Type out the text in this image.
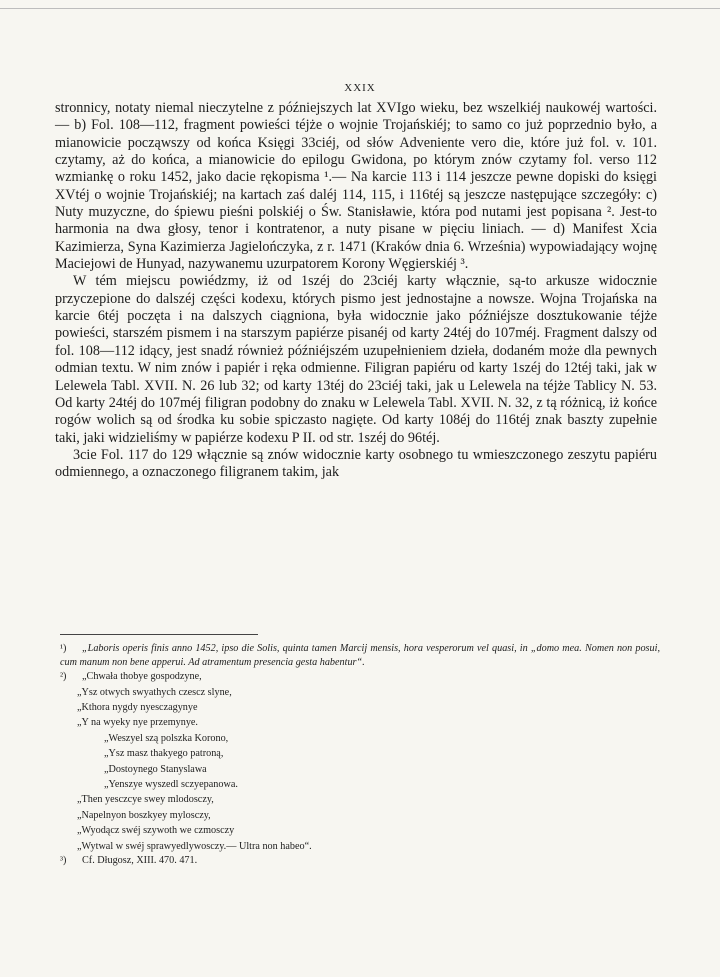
XXIX

stronnicy, notaty niemal nieczytelne z późniejszych lat XVIgo wieku, bez wszelkiéj naukowéj wartości.— b) Fol. 108—112, fragment powieści téjże o wojnie Trojańskiéj; to samo co już poprzednio było, a mianowicie począwszy od końca Księgi 33ciéj, od słów Adveniente vero die, które już fol. v. 101. czytamy, aż do końca, a mianowicie do epilogu Gwidona, po którym znów czytamy fol. verso 112 wzmiankę o roku 1452, jako dacie rękopisma ¹.— Na karcie 113 i 114 jeszcze pewne dopiski do księgi XVtéj o wojnie Trojańskiéj; na kartach zaś daléj 114, 115, i 116téj są jeszcze następujące szczegóły: c) Nuty muzyczne, do śpiewu pieśni polskiéj o Św. Stanisławie, która pod nutami jest popisana ². Jest-to harmonia na dwa głosy, tenor i kontratenor, a nuty pisane w pięciu liniach. — d) Manifest Xcia Kazimierza, Syna Kazimierza Jagielończyka, z r. 1471 (Kraków dnia 6. Września) wypowiadający wojnę Maciejowi de Hunyad, nazywanemu uzurpatorem Korony Węgierskiéj ³.

W tém miejscu powiédzmy, iż od 1széj do 23ciéj karty włącznie, są-to arkusze widocznie przyczepione do dalszéj części kodexu, których pismo jest jednostajne a nowsze. Wojna Trojańska na karcie 6téj poczęta i na dalszych ciągniona, była widocznie jako późniéjsze dosztukowanie téjże powieści, starszém pismem i na starszym papiérze pisanéj od karty 24téj do 107méj. Fragment dalszy od fol. 108—112 idący, jest snadź również późniéjszém uzupełnieniem dzieła, dodaném może dla pewnych odmian textu. W nim znów i papiér i ręka odmienne. Filigran papiéru od karty 1széj do 12téj taki, jak w Lelewela Tabl. XVII. N. 26 lub 32; od karty 13téj do 23ciéj taki, jak u Lelewela na téjże Tablicy N. 53. Od karty 24téj do 107méj filigran podobny do znaku w Lelewela Tabl. XVII. N. 32, z tą różnicą, iż końce rogów wolich są od środka ku sobie spiczasto nagięte. Od karty 108éj do 116téj znak baszty zupełnie taki, jaki widzieliśmy w papiérze kodexu P II. od str. 1széj do 96téj.

3cie Fol. 117 do 129 włącznie są znów widocznie karty osobnego tu wmieszczonego zeszytu papiéru odmiennego, a oznaczonego filigranem takim, jak

¹) „Laboris operis finis anno 1452, ipso die Solis, quinta tamen Marcij mensis, hora vesperorum vel quasi, in „domo mea. Nomen non posui, cum manum non bene apperui. Ad atramentum presencia gesta habentur“.

²) „Chwała thobye gospodzyne,
„Ysz otwych swyathych czescz slyne,
„Kthora nygdy nyesczagynye
„Y na wyeky nye przemynye.
„Weszyel szą polszka Korono,
„Ysz masz thakyego patroną,
„Dostoynego Stanyslawa
„Yenszye wyszedl sczyepanowa.
„Then yesczcye swey mlodosczy,
„Napelnyon boszkyey mylosczy,
„Wyodącz swéj szywoth we czmosczy
„Wytwal w swéj sprawyedlywosczy.— Ultra non habeo“.

³) Cf. Długosz, XIII. 470. 471.
